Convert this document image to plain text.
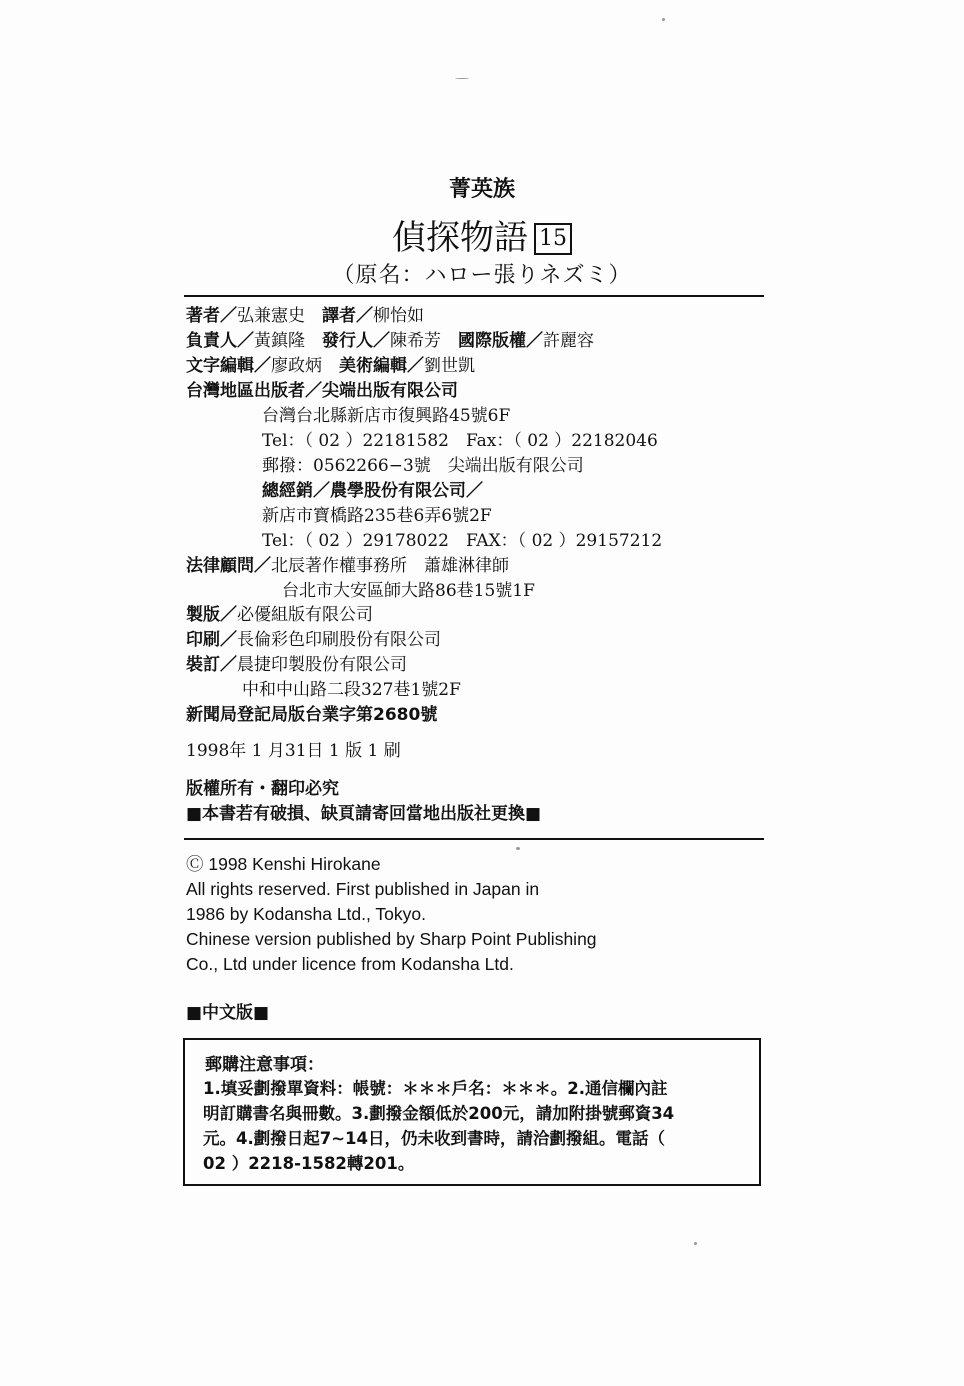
菁英族
偵探物語 15
（原名：ハロー張りネズミ）
著者／弘兼憲史　譯者／柳怡如
負責人／黃鎮隆　發行人／陳希芳　國際版權／許麗容
文字編輯／廖政炳　美術編輯／劉世凱
台灣地區出版者／尖端出版有限公司
台灣台北縣新店市復興路45號6F
Tel：（ 02 ）22181582　Fax：（ 02 ）22182046
郵撥：0562266−3號　尖端出版有限公司
總經銷／農學股份有限公司／
新店市寶橋路235巷6弄6號2F
Tel：（ 02 ）29178022　FAX：（ 02 ）29157212
法律顧問／北辰著作權事務所　蕭雄淋律師
台北市大安區師大路86巷15號1F
製版／必優組版有限公司
印刷／長倫彩色印刷股份有限公司
裝訂／晨捷印製股份有限公司
中和中山路二段327巷1號2F
新聞局登記局版台業字第2680號
1998年 1 月31日 1 版 1 刷
版權所有・翻印必究
■本書若有破損、缺頁請寄回當地出版社更換■
Ⓒ 1998 Kenshi Hirokane
All rights reserved. First published in Japan in
1986 by Kodansha Ltd., Tokyo.
Chinese version published by Sharp Point Publishing
Co., Ltd under licence from Kodansha Ltd.
■中文版■
郵購注意事項：
1.填妥劃撥單資料：帳號：＊＊＊戶名：＊＊＊。2.通信欄內註
明訂購書名與冊數。3.劃撥金額低於200元，請加附掛號郵資34
元。4.劃撥日起7∼14日，仍未收到書時，請洽劃撥組。電話（
02 ）2218-1582轉201。
